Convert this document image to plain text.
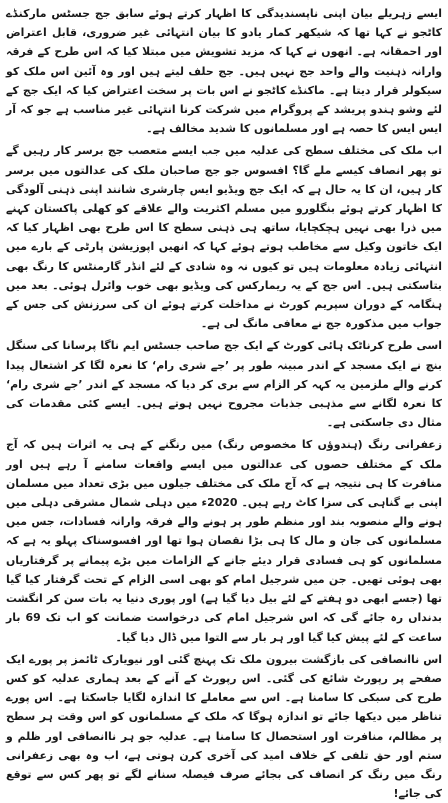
ایسے زہریلے بیان اپنی ناپسندیدگی کا اظہار کرتے ہوئے سابق جج جسٹس مارکنڈے کاٹجو نے کہا تھا کہ شیکھر کمار یادو کا بیان انتہائی غیر ضروری، قابل اعتراض اور احمقانہ ہے۔ انھوں نے کہا کہ مزید تشویش میں مبتلا کیا کہ اس طرح کے فرقہ وارانہ ذہنیت والے واحد جج نہیں ہیں۔ جج حلف لیتے ہیں اور وہ آئین اس ملک کو سیکولر قرار دیتا ہے۔ ماکنڈے کاٹجو نے اس بات پر سخت اعتراض کیا کہ ایک جج کے لئے وشو ہندو پریشد کے پروگرام میں شرکت کرنا انتہائی غیر مناسب ہے جو کہ آر ایس ایس کا حصہ ہے اور مسلمانوں کا شدید مخالف ہے۔

اب ملک کی مختلف سطح کی عدلیہ میں جب ایسے متعصب جج برسر کار رہیں گے تو پھر انصاف کیسے ملے گا؟ افسوس جو جج صاحبان ملک کی عدالتوں میں برسر کار ہیں، ان کا یہ حال ہے کہ ایک جج ویڈیو ایس چارشری شانند اپنی ذہنی آلودگی کا اظہار کرتے ہوئے بنگلورو میں مسلم اکثریت والے علاقے کو کھلی پاکستان کہنے میں ذرا بھی نہیں ہچکچایا، ساتھ ہی ذہنی سطح کا اس طرح بھی اظہار کیا کہ ایک خاتون وکیل سے مخاطب ہوتے ہوئے کہا کہ انھیں اپوزیشن پارٹی کے بارے میں انتہائی زیادہ معلومات ہیں تو کیوں نہ وہ شادی کے لئے انڈر گارمنٹس کا رنگ بھی بتاسکتی ہیں۔ اس جج کے یہ ریمارکس کی ویڈیو بھی خوب وائرل ہوئی۔ بعد میں ہنگامہ کے دوران سپریم کورٹ نے مداخلت کرتے ہوئے ان کی سرزنش کی جس کے جواب میں مذکورہ جج نے معافی مانگ لی ہے۔

اسی طرح کرناٹک ہائی کورٹ کے ایک جج صاحب جسٹس ایم ناگا پرسانا کی سنگل بنچ نے ایک مسجد کے اندر مبینہ طور پر ’جے شری رام‘ کا نعرہ لگا کر اشتعال پیدا کرنے والے ملزمین یہ کہہ کر الزام سے بری کر دیا کہ مسجد کے اندر ’جے شری رام‘ کا نعرہ لگانے سے مذہبی جذبات مجروح نہیں ہوتے ہیں۔ ایسے کئی مقدمات کی مثال دی جاسکتی ہے۔

زعفرانی رنگ (ہندوؤں کا مخصوص رنگ) میں رنگنے کے ہی یہ اثرات ہیں کہ آج ملک کے مختلف حصوں کی عدالتوں میں ایسے واقعات سامنے آ رہے ہیں اور منافرت کا ہی نتیجہ ہے کہ آج ملک کی مختلف جیلوں میں بڑی تعداد میں مسلمان اپنی بے گناہی کی سزا کاٹ رہے ہیں۔ 2020ء میں دہلی شمال مشرقی دہلی میں ہونے والے منصوبہ بند اور منظم طور پر ہونے والے فرقہ وارانہ فسادات، جس میں مسلمانوں کی جان و مال کا ہی بڑا نقصان ہوا تھا اور افسوسناک پہلو یہ ہے کہ مسلمانوں کو ہی فسادی قرار دیئے جانے کے الزامات میں بڑے پیمانے پر گرفتاریاں بھی ہوئی تھیں۔ جن میں شرجیل امام کو بھی اسی الزام کے تحت گرفتار کیا گیا تھا (جسے ابھی دو ہفتے کے لئے بیل دیا گیا ہے) اور پوری دنیا یہ بات سن کر انگشت بدنداں رہ جائے گی کہ اس شرجیل امام کی درخواست ضمانت کو اب تک 69 بار ساعت کے لئے پیش کیا گیا اور ہر بار سے التوا میں ڈال دیا گیا۔

اس ناانصافی کی بازگشت بیرون ملک تک پہنچ گئی اور نیویارک ٹائمز پر پورے ایک صفحے پر رپورٹ شائع کی گئی۔ اس رپورٹ کے آنے کے بعد ہماری عدلیہ کو کس طرح کی سبکی کا سامنا ہے۔ اس سے معاملے کا اندازہ لگایا جاسکتا ہے۔ اس پورے تناظر میں دیکھا جائے تو اندازہ ہوگا کہ ملک کے مسلمانوں کو اس وقت ہر سطح پر مظالم، منافرت اور استحصال کا سامنا ہے۔ عدلیہ جو ہر ناانصافی اور ظلم و ستم اور حق تلفی کے خلاف امید کی آخری کرن ہوتی ہے، اب وہ بھی زعفرانی رنگ میں رنگ کر انصاف کی بجائے صرف فیصلہ سنانے لگے تو پھر کس سے توقع کی جائے!
